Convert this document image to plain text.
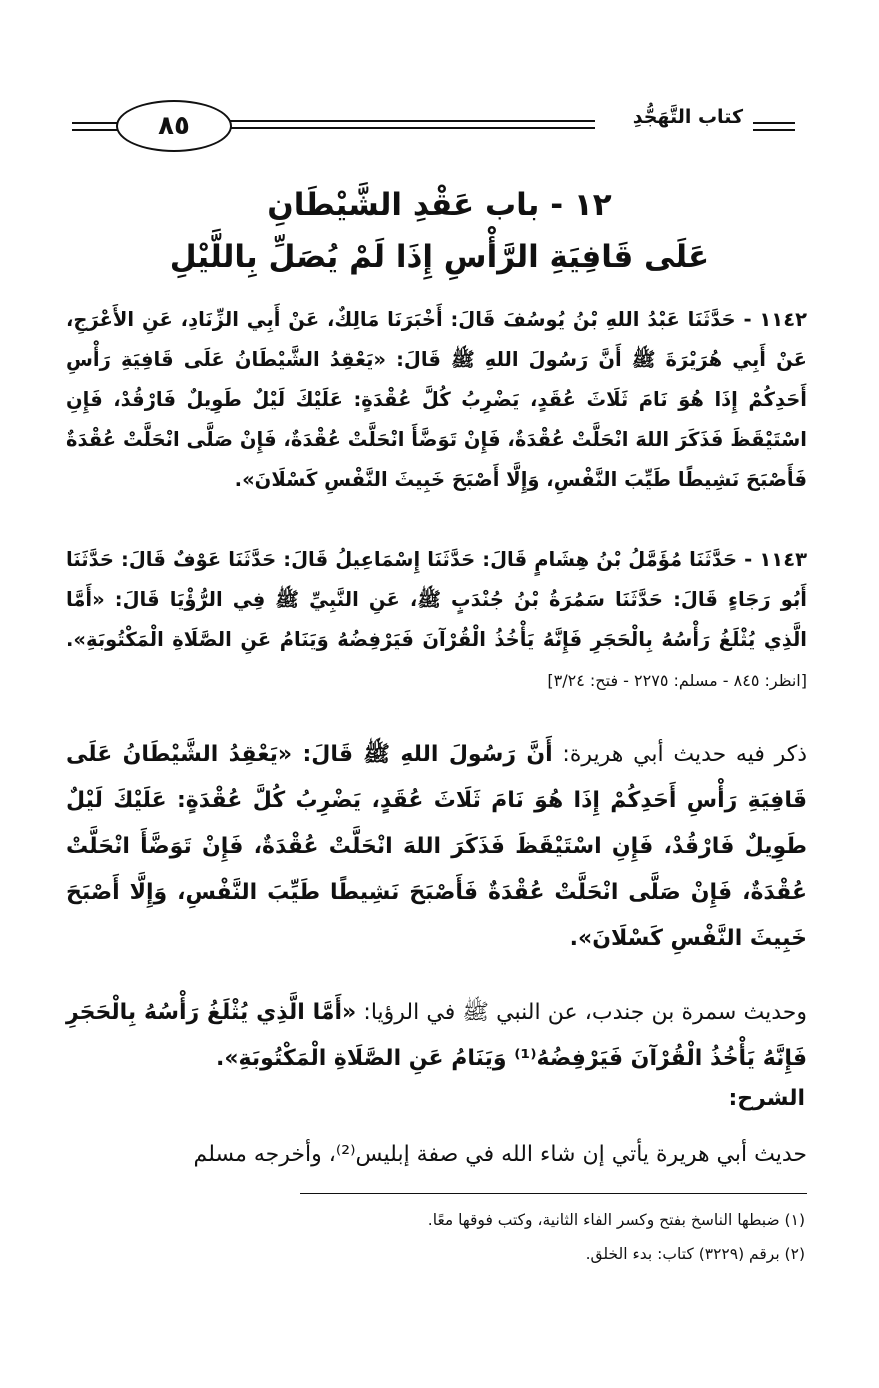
٨٥	كتاب التَّهَجُّدِ
١٢ - باب عَقْدِ الشَّيْطَانِ
عَلَى قَافِيَةِ الرَّأْسِ إِذَا لَمْ يُصَلِّ بِاللَّيْلِ
١١٤٢ - حَدَّثَنَا عَبْدُ اللهِ بْنُ يُوسُفَ قَالَ: أَخْبَرَنَا مَالِكٌ، عَنْ أَبِي الزِّنَادِ، عَنِ الأَعْرَجِ، عَنْ أَبِي هُرَيْرَةَ ﷺ أَنَّ رَسُولَ اللهِ ﷺ قَالَ: «يَعْقِدُ الشَّيْطَانُ عَلَى قَافِيَةِ رَأْسِ أَحَدِكُمْ إِذَا هُوَ نَامَ ثَلَاثَ عُقَدٍ، يَضْرِبُ كُلَّ عُقْدَةٍ: عَلَيْكَ لَيْلٌ طَوِيلٌ فَارْقُدْ، فَإِنِ اسْتَيْقَظَ فَذَكَرَ اللهَ انْحَلَّتْ عُقْدَةٌ، فَإِنْ تَوَضَّأَ انْحَلَّتْ عُقْدَةٌ، فَإِنْ صَلَّى انْحَلَّتْ عُقْدَةٌ فَأَصْبَحَ نَشِيطًا طَيِّبَ النَّفْسِ، وَإِلَّا أَصْبَحَ خَبِيثَ النَّفْسِ كَسْلَانَ».
١١٤٣ - حَدَّثَنَا مُؤَمَّلُ بْنُ هِشَامٍ قَالَ: حَدَّثَنَا إِسْمَاعِيلُ قَالَ: حَدَّثَنَا عَوْفٌ قَالَ: حَدَّثَنَا أَبُو رَجَاءٍ قَالَ: حَدَّثَنَا سَمُرَةُ بْنُ جُنْدَبٍ ﷺ، عَنِ النَّبِيِّ ﷺ فِي الرُّؤْيَا قَالَ: «أَمَّا الَّذِي يُثْلَغُ رَأْسُهُ بِالْحَجَرِ فَإِنَّهُ يَأْخُذُ الْقُرْآنَ فَيَرْفِضُهُ وَيَنَامُ عَنِ الصَّلَاةِ الْمَكْتُوبَةِ». [انظر: ٨٤٥ - مسلم: ٢٢٧٥ - فتح: ٣/٢٤]
ذكر فيه حديث أبي هريرة: أَنَّ رَسُولَ اللهِ ﷺ قَالَ: «يَعْقِدُ الشَّيْطَانُ عَلَى قَافِيَةِ رَأْسِ أَحَدِكُمْ إِذَا هُوَ نَامَ ثَلَاثَ عُقَدٍ، يَضْرِبُ كُلَّ عُقْدَةٍ: عَلَيْكَ لَيْلٌ طَوِيلٌ فَارْقُدْ، فَإِنِ اسْتَيْقَظَ فَذَكَرَ اللهَ انْحَلَّتْ عُقْدَةٌ، فَإِنْ تَوَضَّأَ انْحَلَّتْ عُقْدَةٌ، فَإِنْ صَلَّى انْحَلَّتْ عُقْدَةٌ فَأَصْبَحَ نَشِيطًا طَيِّبَ النَّفْسِ، وَإِلَّا أَصْبَحَ خَبِيثَ النَّفْسِ كَسْلَانَ».
وحديث سمرة بن جندب، عن النبي ﷺ في الرؤيا: «أَمَّا الَّذِي يُثْلَغُ رَأْسُهُ بِالْحَجَرِ فَإِنَّهُ يَأْخُذُ الْقُرْآنَ فَيَرْفِضُهُ⁽¹⁾ وَيَنَامُ عَنِ الصَّلَاةِ الْمَكْتُوبَةِ».
الشرح:
حديث أبي هريرة يأتي إن شاء الله في صفة إبليس⁽²⁾، وأخرجه مسلم
(١) ضبطها الناسخ بفتح وكسر الفاء الثانية، وكتب فوقها معًا.
(٢) برقم (٣٢٢٩) كتاب: بدء الخلق.
